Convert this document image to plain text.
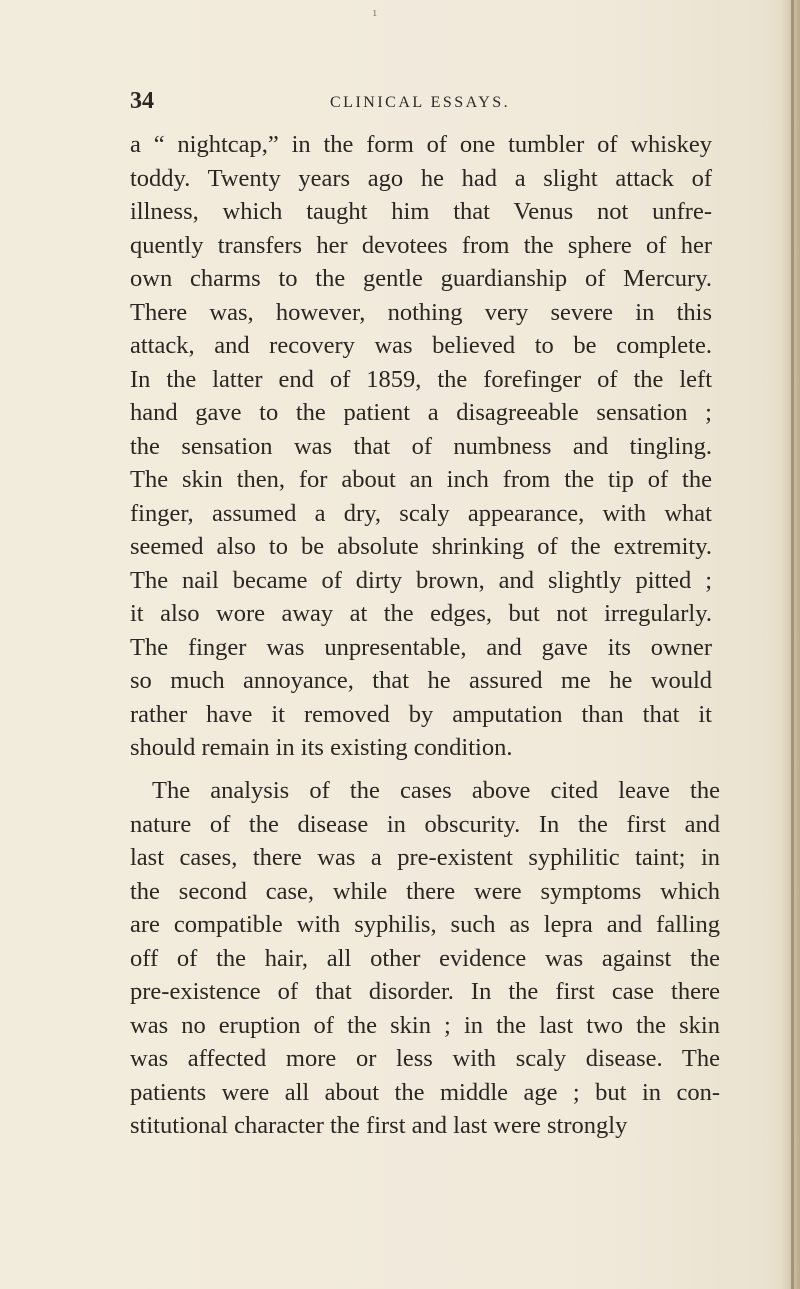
ı
34	CLINICAL ESSAYS.
a “ nightcap,” in the form of one tumbler of whiskey
toddy. Twenty years ago he had a slight attack of
illness, which taught him that Venus not unfre-
quently transfers her devotees from the sphere of her
own charms to the gentle guardianship of Mercury.
There was, however, nothing very severe in this
attack, and recovery was believed to be complete.
In the latter end of 1859, the forefinger of the left
hand gave to the patient a disagreeable sensation ;
the sensation was that of numbness and tingling.
The skin then, for about an inch from the tip of the
finger, assumed a dry, scaly appearance, with what
seemed also to be absolute shrinking of the extremity.
The nail became of dirty brown, and slightly pitted ;
it also wore away at the edges, but not irregularly.
The finger was unpresentable, and gave its owner
so much annoyance, that he assured me he would
rather have it removed by amputation than that it
should remain in its existing condition.
The analysis of the cases above cited leave the
nature of the disease in obscurity. In the first and
last cases, there was a pre-existent syphilitic taint; in
the second case, while there were symptoms which
are compatible with syphilis, such as lepra and falling
off of the hair, all other evidence was against the
pre-existence of that disorder. In the first case there
was no eruption of the skin ; in the last two the skin
was affected more or less with scaly disease. The
patients were all about the middle age ; but in con-
stitutional character the first and last were strongly
